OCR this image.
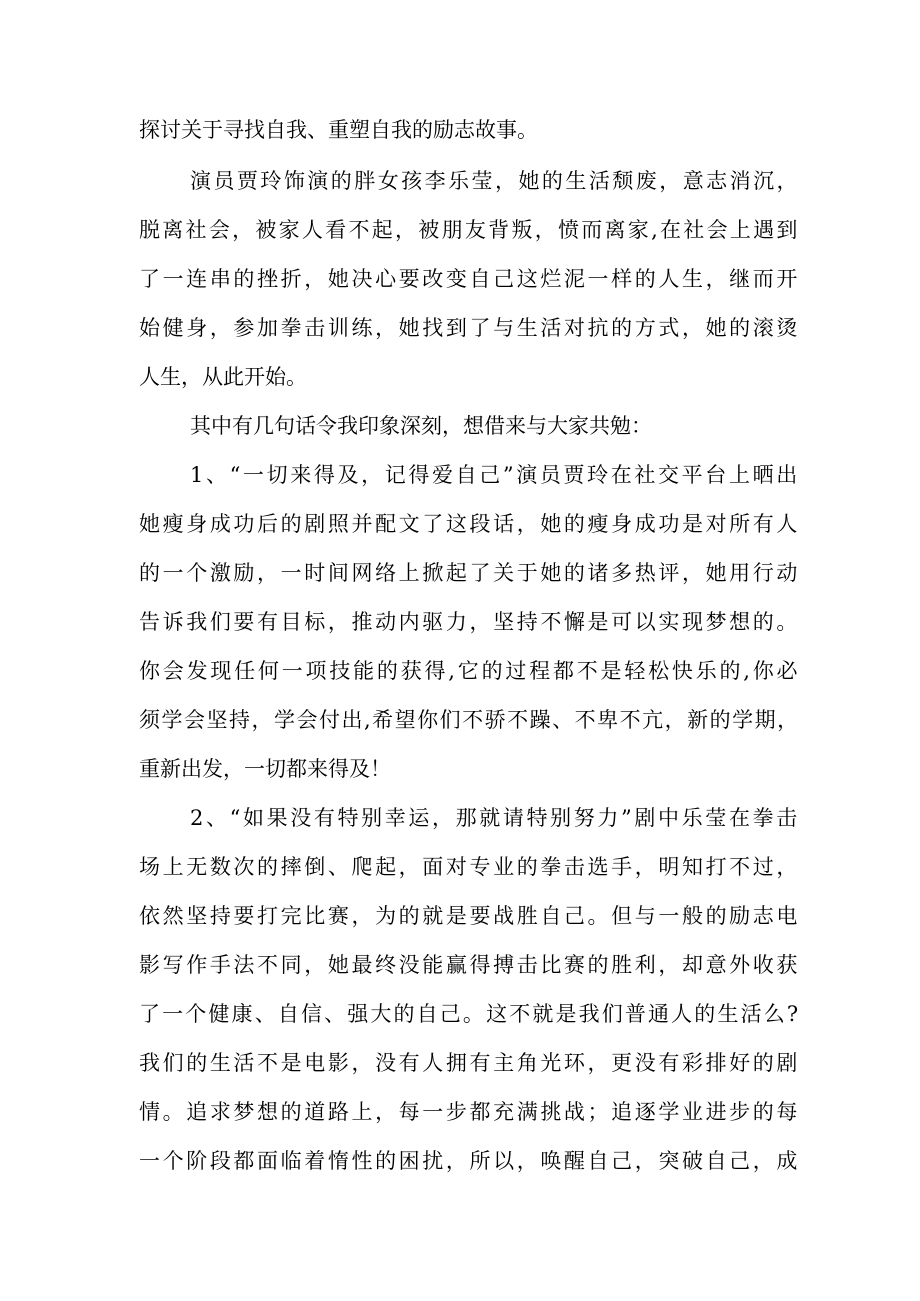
探讨关于寻找自我、重塑自我的励志故事。
演员贾玲饰演的胖女孩李乐莹，她的生活颓废，意志消沉，
脱离社会，被家人看不起，被朋友背叛，愤而离家,在社会上遇到
了一连串的挫折，她决心要改变自己这烂泥一样的人生，继而开
始健身，参加拳击训练，她找到了与生活对抗的方式，她的滚烫
人生，从此开始。
其中有几句话令我印象深刻，想借来与大家共勉：
1、“一切来得及，记得爱自己”演员贾玲在社交平台上晒出
她瘦身成功后的剧照并配文了这段话，她的瘦身成功是对所有人
的一个激励，一时间网络上掀起了关于她的诸多热评，她用行动
告诉我们要有目标，推动内驱力，坚持不懈是可以实现梦想的。
你会发现任何一项技能的获得,它的过程都不是轻松快乐的,你必
须学会坚持，学会付出,希望你们不骄不躁、不卑不亢，新的学期，
重新出发，一切都来得及！
2、“如果没有特别幸运，那就请特别努力”剧中乐莹在拳击
场上无数次的摔倒、爬起，面对专业的拳击选手，明知打不过，
依然坚持要打完比赛，为的就是要战胜自己。但与一般的励志电
影写作手法不同，她最终没能赢得搏击比赛的胜利，却意外收获
了一个健康、自信、强大的自己。这不就是我们普通人的生活么?
我们的生活不是电影，没有人拥有主角光环，更没有彩排好的剧
情。追求梦想的道路上，每一步都充满挑战；追逐学业进步的每
一个阶段都面临着惰性的困扰，所以，唤醒自己，突破自己，成
